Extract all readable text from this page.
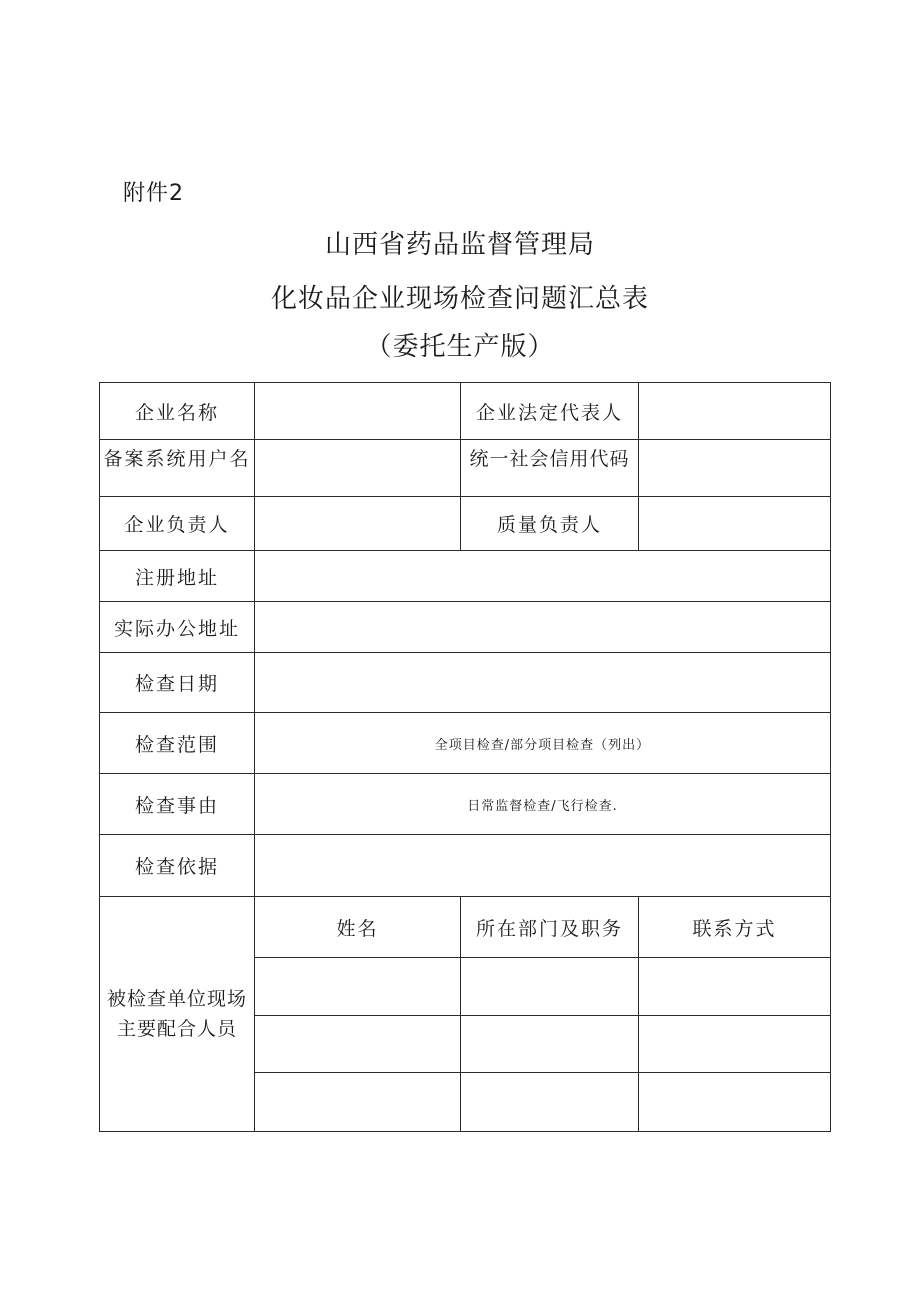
附件2
山西省药品监督管理局
化妆品企业现场检查问题汇总表
（委托生产版）
企业名称		企业法定代表人	
备案系统用户名		统一社会信用代码	
企业负责人		质量负责人	
注册地址			
实际办公地址			
检查日期			
检查范围	全项目检查/部分项目检查（列出）		
检查事由	日常监督检查/飞行检查.		
检查依据			
被检查单位现场主要配合人员	姓名	所在部门及职务	联系方式
